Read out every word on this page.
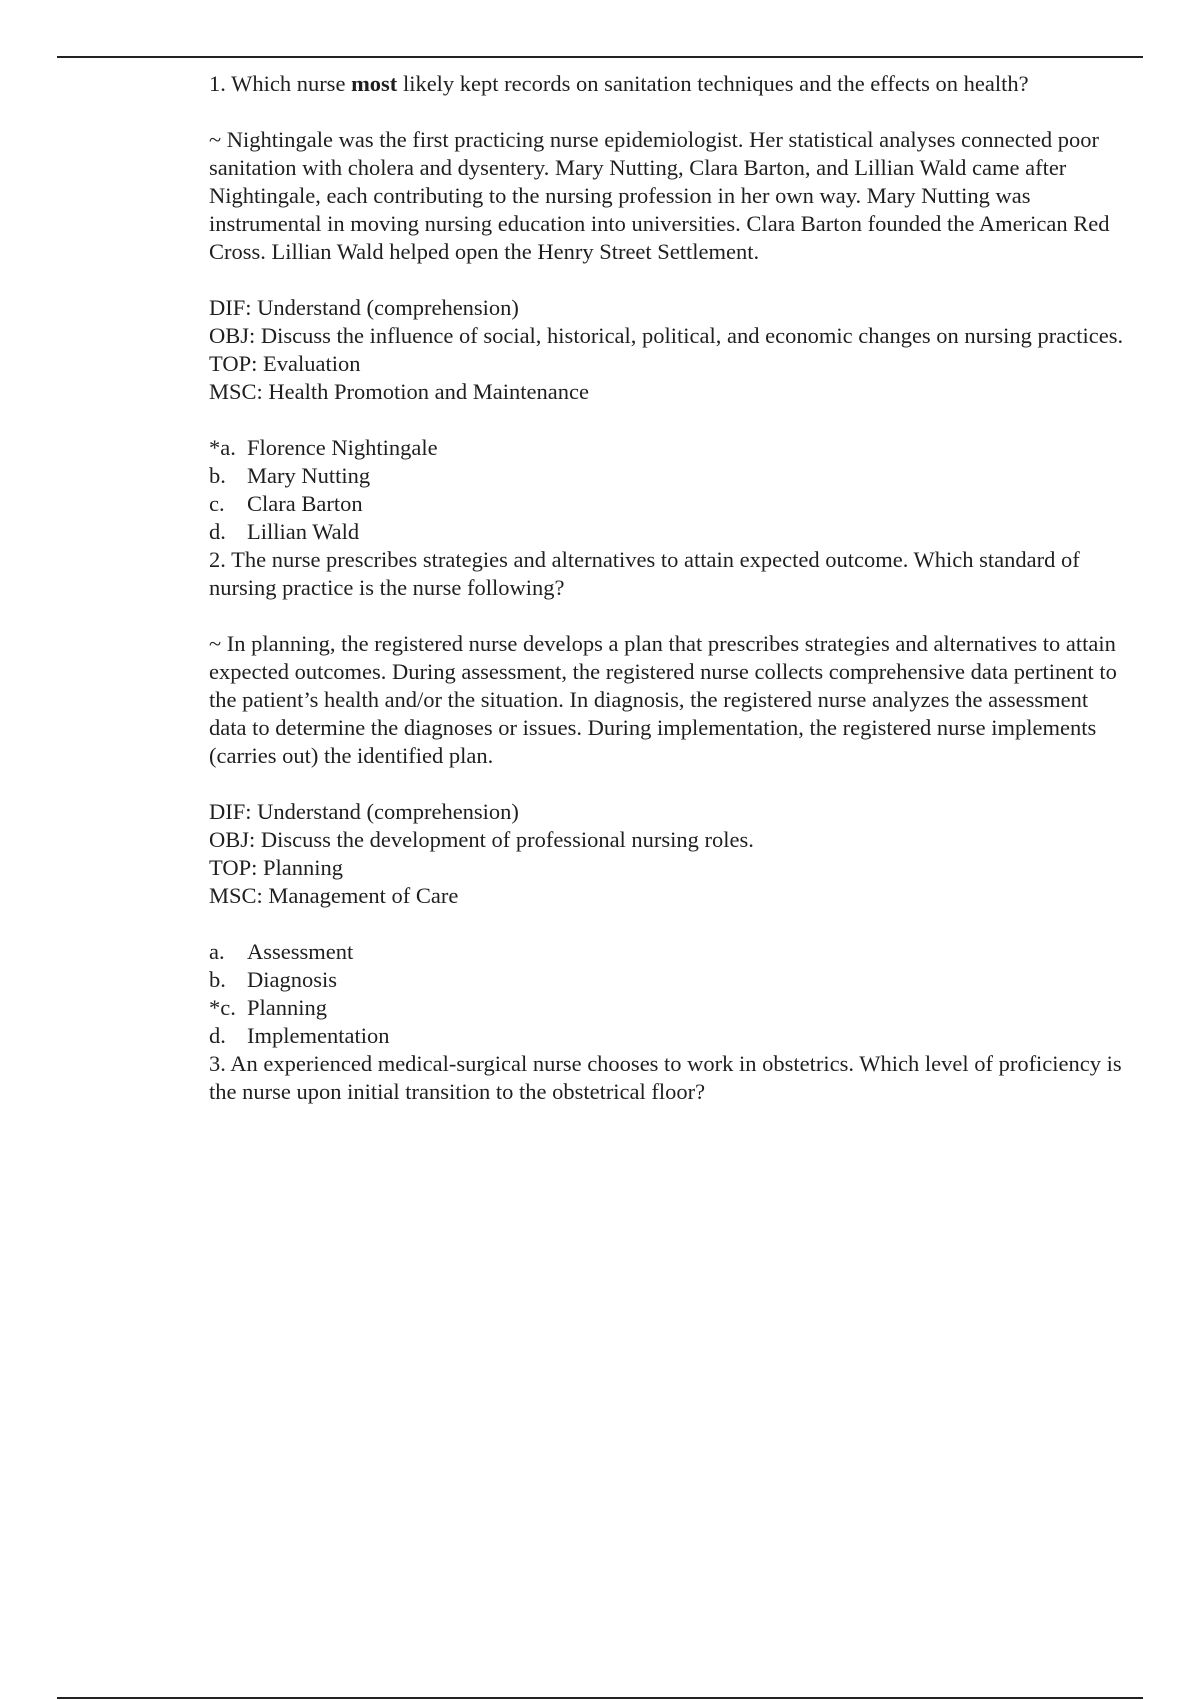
1. Which nurse most likely kept records on sanitation techniques and the effects on health?

~ Nightingale was the first practicing nurse epidemiologist. Her statistical analyses connected poor sanitation with cholera and dysentery. Mary Nutting, Clara Barton, and Lillian Wald came after Nightingale, each contributing to the nursing profession in her own way. Mary Nutting was instrumental in moving nursing education into universities. Clara Barton founded the American Red Cross. Lillian Wald helped open the Henry Street Settlement.

DIF: Understand (comprehension)
OBJ: Discuss the influence of social, historical, political, and economic changes on nursing practices.
TOP: Evaluation
MSC: Health Promotion and Maintenance
*a. Florence Nightingale
b. Mary Nutting
c. Clara Barton
d. Lillian Wald

2. The nurse prescribes strategies and alternatives to attain expected outcome. Which standard of nursing practice is the nurse following?

~ In planning, the registered nurse develops a plan that prescribes strategies and alternatives to attain expected outcomes. During assessment, the registered nurse collects comprehensive data pertinent to the patient’s health and/or the situation. In diagnosis, the registered nurse analyzes the assessment data to determine the diagnoses or issues. During implementation, the registered nurse implements (carries out) the identified plan.

DIF: Understand (comprehension)
OBJ: Discuss the development of professional nursing roles.
TOP: Planning
MSC: Management of Care
a. Assessment
b. Diagnosis
*c. Planning
d. Implementation

3. An experienced medical-surgical nurse chooses to work in obstetrics. Which level of proficiency is the nurse upon initial transition to the obstetrical floor?
